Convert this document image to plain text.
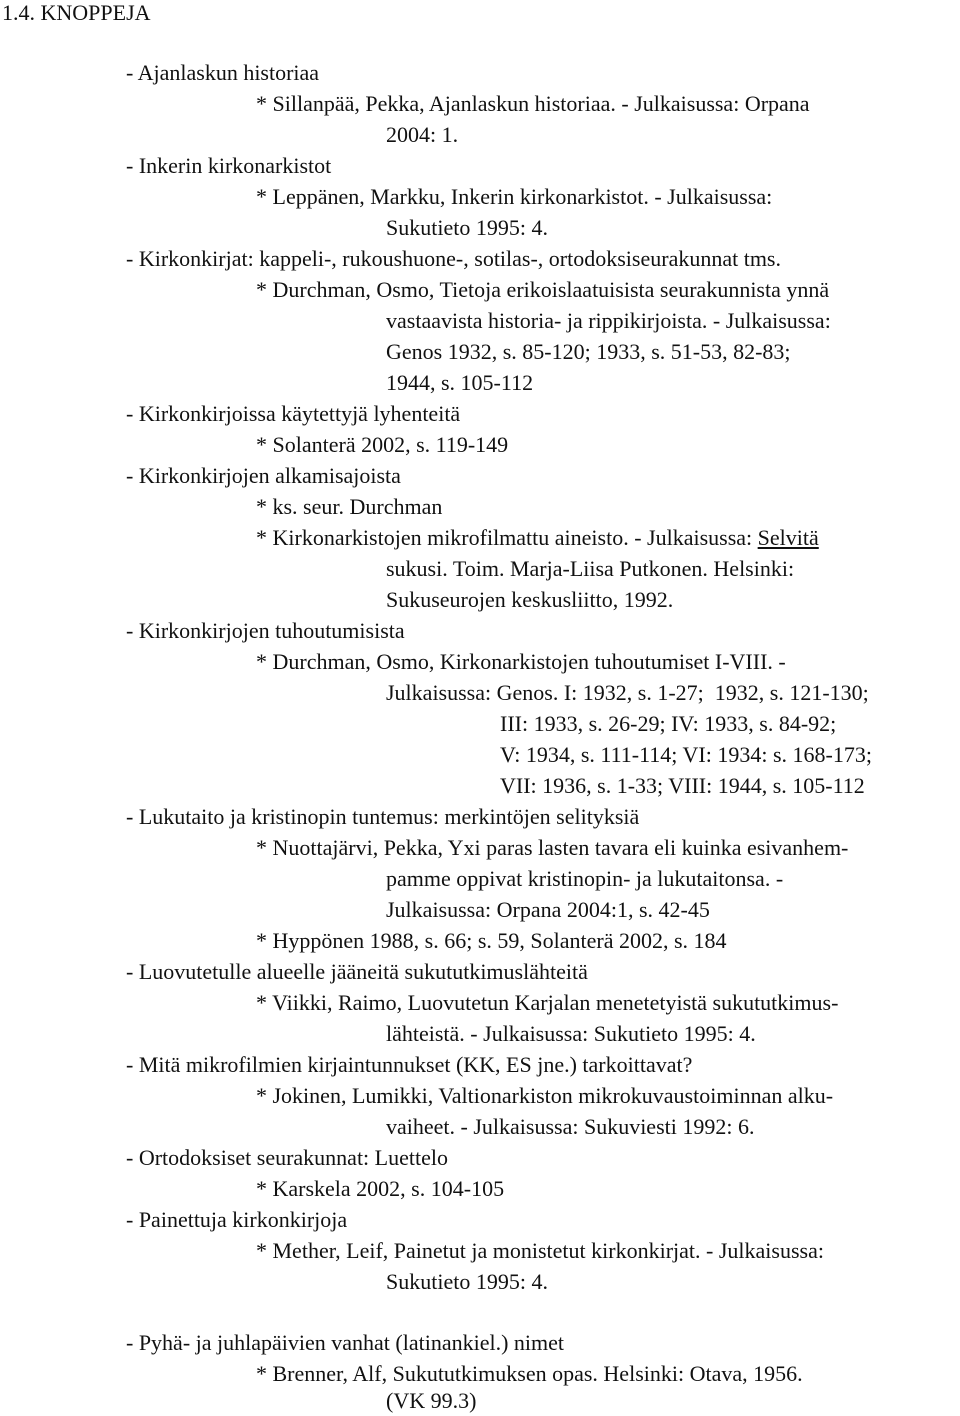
1.4. KNOPPEJA
- Ajanlaskun historiaa
* Sillanpää, Pekka, Ajanlaskun historiaa. - Julkaisussa: Orpana
2004: 1.
- Inkerin kirkonarkistot
* Leppänen, Markku, Inkerin kirkonarkistot. - Julkaisussa:
Sukutieto 1995: 4.
- Kirkonkirjat: kappeli-, rukoushuone-, sotilas-, ortodoksiseurakunnat tms.
* Durchman, Osmo, Tietoja erikoislaatuisista seurakunnista ynnä
vastaavista historia- ja rippikirjoista. - Julkaisussa:
Genos 1932, s. 85-120; 1933, s. 51-53, 82-83;
1944, s. 105-112
- Kirkonkirjoissa käytettyjä lyhenteitä
* Solanterä 2002, s. 119-149
- Kirkonkirjojen alkamisajoista
* ks. seur. Durchman
* Kirkonarkistojen mikrofilmattu aineisto. - Julkaisussa: Selvitä
sukusi. Toim. Marja-Liisa Putkonen. Helsinki:
Sukuseurojen keskusliitto, 1992.
- Kirkonkirjojen tuhoutumisista
* Durchman, Osmo, Kirkonarkistojen tuhoutumiset I-VIII. -
Julkaisussa: Genos. I: 1932, s. 1-27;  1932, s. 121-130;
III: 1933, s. 26-29; IV: 1933, s. 84-92;
V: 1934, s. 111-114; VI: 1934: s. 168-173;
VII: 1936, s. 1-33; VIII: 1944, s. 105-112
- Lukutaito ja kristinopin tuntemus: merkintöjen selityksiä
* Nuottajärvi, Pekka, Yxi paras lasten tavara eli kuinka esivanhem-
pamme oppivat kristinopin- ja lukutaitonsa. -
Julkaisussa: Orpana 2004:1, s. 42-45
* Hyppönen 1988, s. 66; s. 59, Solanterä 2002, s. 184
- Luovutetulle alueelle jääneitä sukututkimuslähteitä
* Viikki, Raimo, Luovutetun Karjalan menetetyistä sukututkimus-
lähteistä. - Julkaisussa: Sukutieto 1995: 4.
- Mitä mikrofilmien kirjaintunnukset (KK, ES jne.) tarkoittavat?
* Jokinen, Lumikki, Valtionarkiston mikrokuvaustoiminnan alku-
vaiheet. - Julkaisussa: Sukuviesti 1992: 6.
- Ortodoksiset seurakunnat: Luettelo
* Karskela 2002, s. 104-105
- Painettuja kirkonkirjoja
* Mether, Leif, Painetut ja monistetut kirkonkirjat. - Julkaisussa:
Sukutieto 1995: 4.
- Pyhä- ja juhlapäivien vanhat (latinankiel.) nimet
* Brenner, Alf, Sukututkimuksen opas. Helsinki: Otava, 1956.
(VK 99.3)
